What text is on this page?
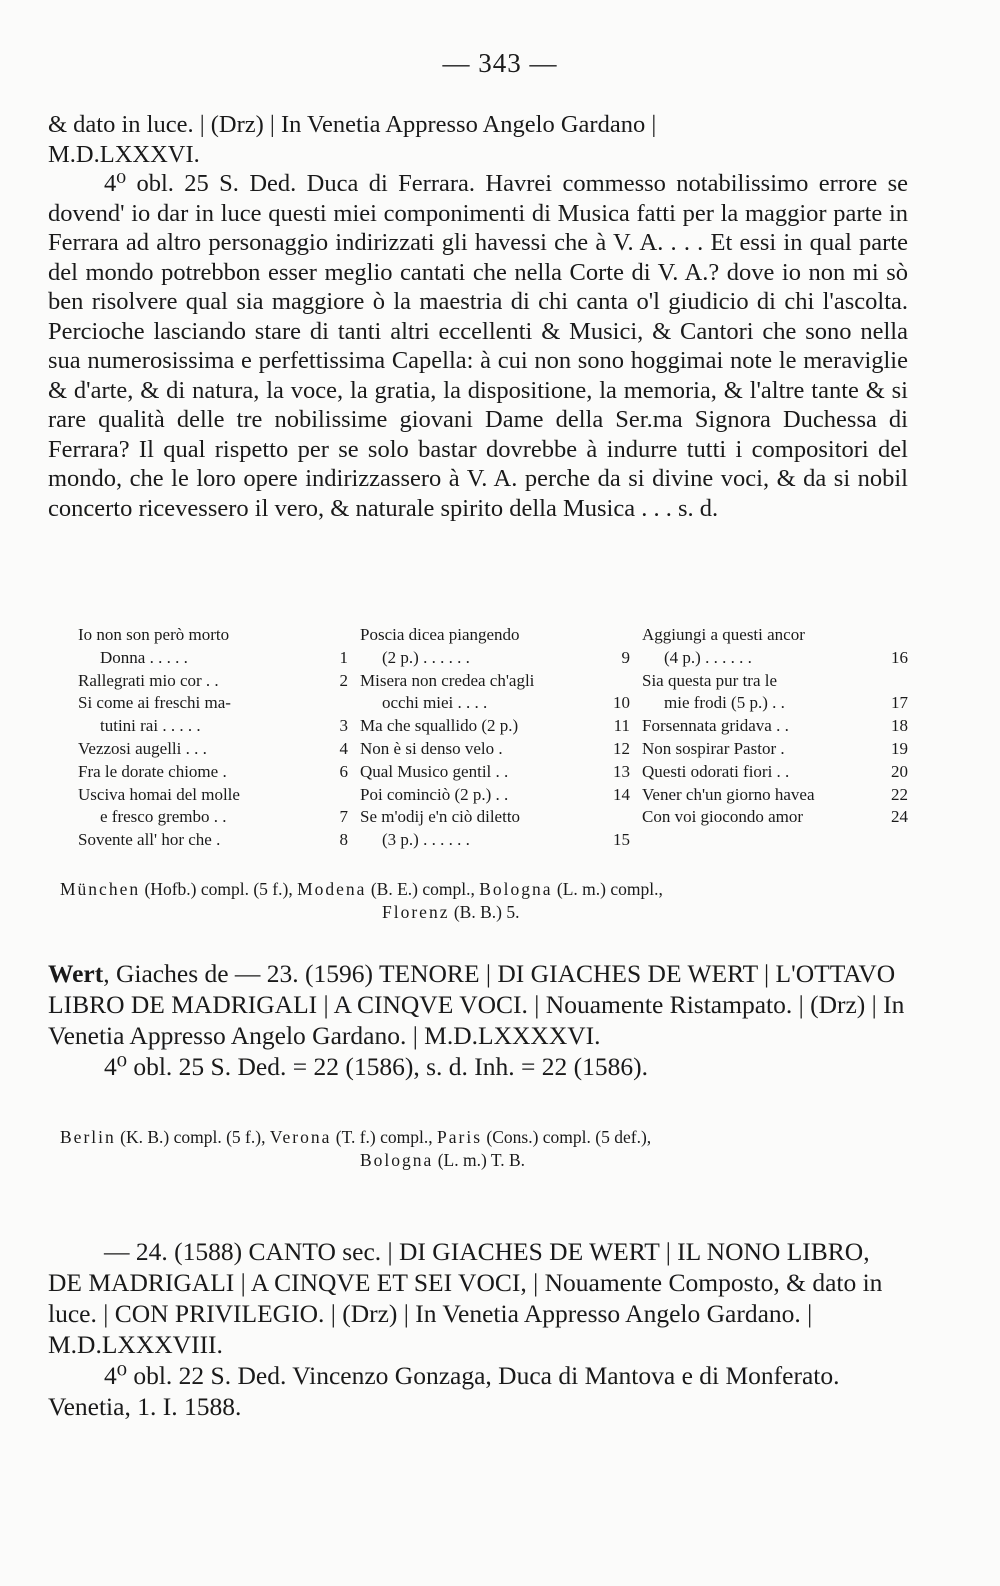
— 343 —

& dato in luce. | (Drz) | In Venetia Appresso Angelo Gardano |

M.D.LXXXVI.

4⁰ obl. 25 S. Ded. Duca di Ferrara. Havrei commesso notabilissimo errore se dovend' io dar in luce questi miei componimenti di Musica fatti per la maggior parte in Ferrara ad altro personaggio indirizzati gli havessi che à V. A. . . . Et essi in qual parte del mondo potrebbon esser meglio cantati che nella Corte di V. A.? dove io non mi sò ben risolvere qual sia maggiore ò la maestria di chi canta o'l giudicio di chi l'ascolta. Percioche lasciando stare di tanti altri eccellenti & Musici, & Cantori che sono nella sua numerosissima e perfettissima Capella: à cui non sono hoggimai note le meraviglie & d'arte, & di natura, la voce, la gratia, la dispositione, la memoria, & l'altre tante & si rare qualità delle tre nobilissime giovani Dame della Ser.ma Signora Duchessa di Ferrara? Il qual rispetto per se solo bastar dovrebbe à indurre tutti i compositori del mondo, che le loro opere indirizzassero à V. A. perche da si divine voci, & da si nobil concerto ricevessero il vero, & naturale spirito della Musica . . . s. d.

Io non son però morto
Donna . . . . .	1
Rallegrati mio cor . .	2
Si come ai freschi ma-
tutini rai . . . . .	3
Vezzosi augelli . . .	4
Fra le dorate chiome .	6
Usciva homai del molle
e fresco grembo . .	7
Sovente all' hor che .	8
Poscia dicea piangendo
(2 p.) . . . . . .	9
Misera non credea ch'agli
occhi miei . . . .	10
Ma che squallido (2 p.)	11
Non è si denso velo .	12
Qual Musico gentil . .	13
Poi cominciò (2 p.) . .	14
Se m'odij e'n ciò diletto
(3 p.) . . . . . .	15
Aggiungi a questi ancor
(4 p.) . . . . . .	16
Sia questa pur tra le
mie frodi (5 p.) . .	17
Forsennata gridava . .	18
Non sospirar Pastor .	19
Questi odorati fiori . .	20
Vener ch'un giorno havea	22
Con voi giocondo amor	24
München (Hofb.) compl. (5 f.), Modena (B. E.) compl., Bologna (L. m.) compl.,
Florenz (B. B.) 5.

Wert, Giaches de — 23. (1596) TENORE | DI GIACHES DE WERT | L'OTTAVO LIBRO DE MADRIGALI | A CINQVE VOCI. | Nouamente Ristampato. | (Drz) | In Venetia Appresso Angelo Gardano. | M.D.LXXXXVI.

4⁰ obl. 25 S. Ded. = 22 (1586), s. d. Inh. = 22 (1586).

Berlin (K. B.) compl. (5 f.), Verona (T. f.) compl., Paris (Cons.) compl. (5 def.),
Bologna (L. m.) T. B.

— 24. (1588) CANTO sec. | DI GIACHES DE WERT | IL NONO LIBRO, DE MADRIGALI | A CINQVE ET SEI VOCI, | Nouamente Composto, & dato in luce. | CON PRIVILEGIO. | (Drz) | In Venetia Appresso Angelo Gardano. | M.D.LXXXVIII.

4⁰ obl. 22 S. Ded. Vincenzo Gonzaga, Duca di Mantova e di Monferato. Venetia, 1. I. 1588.
